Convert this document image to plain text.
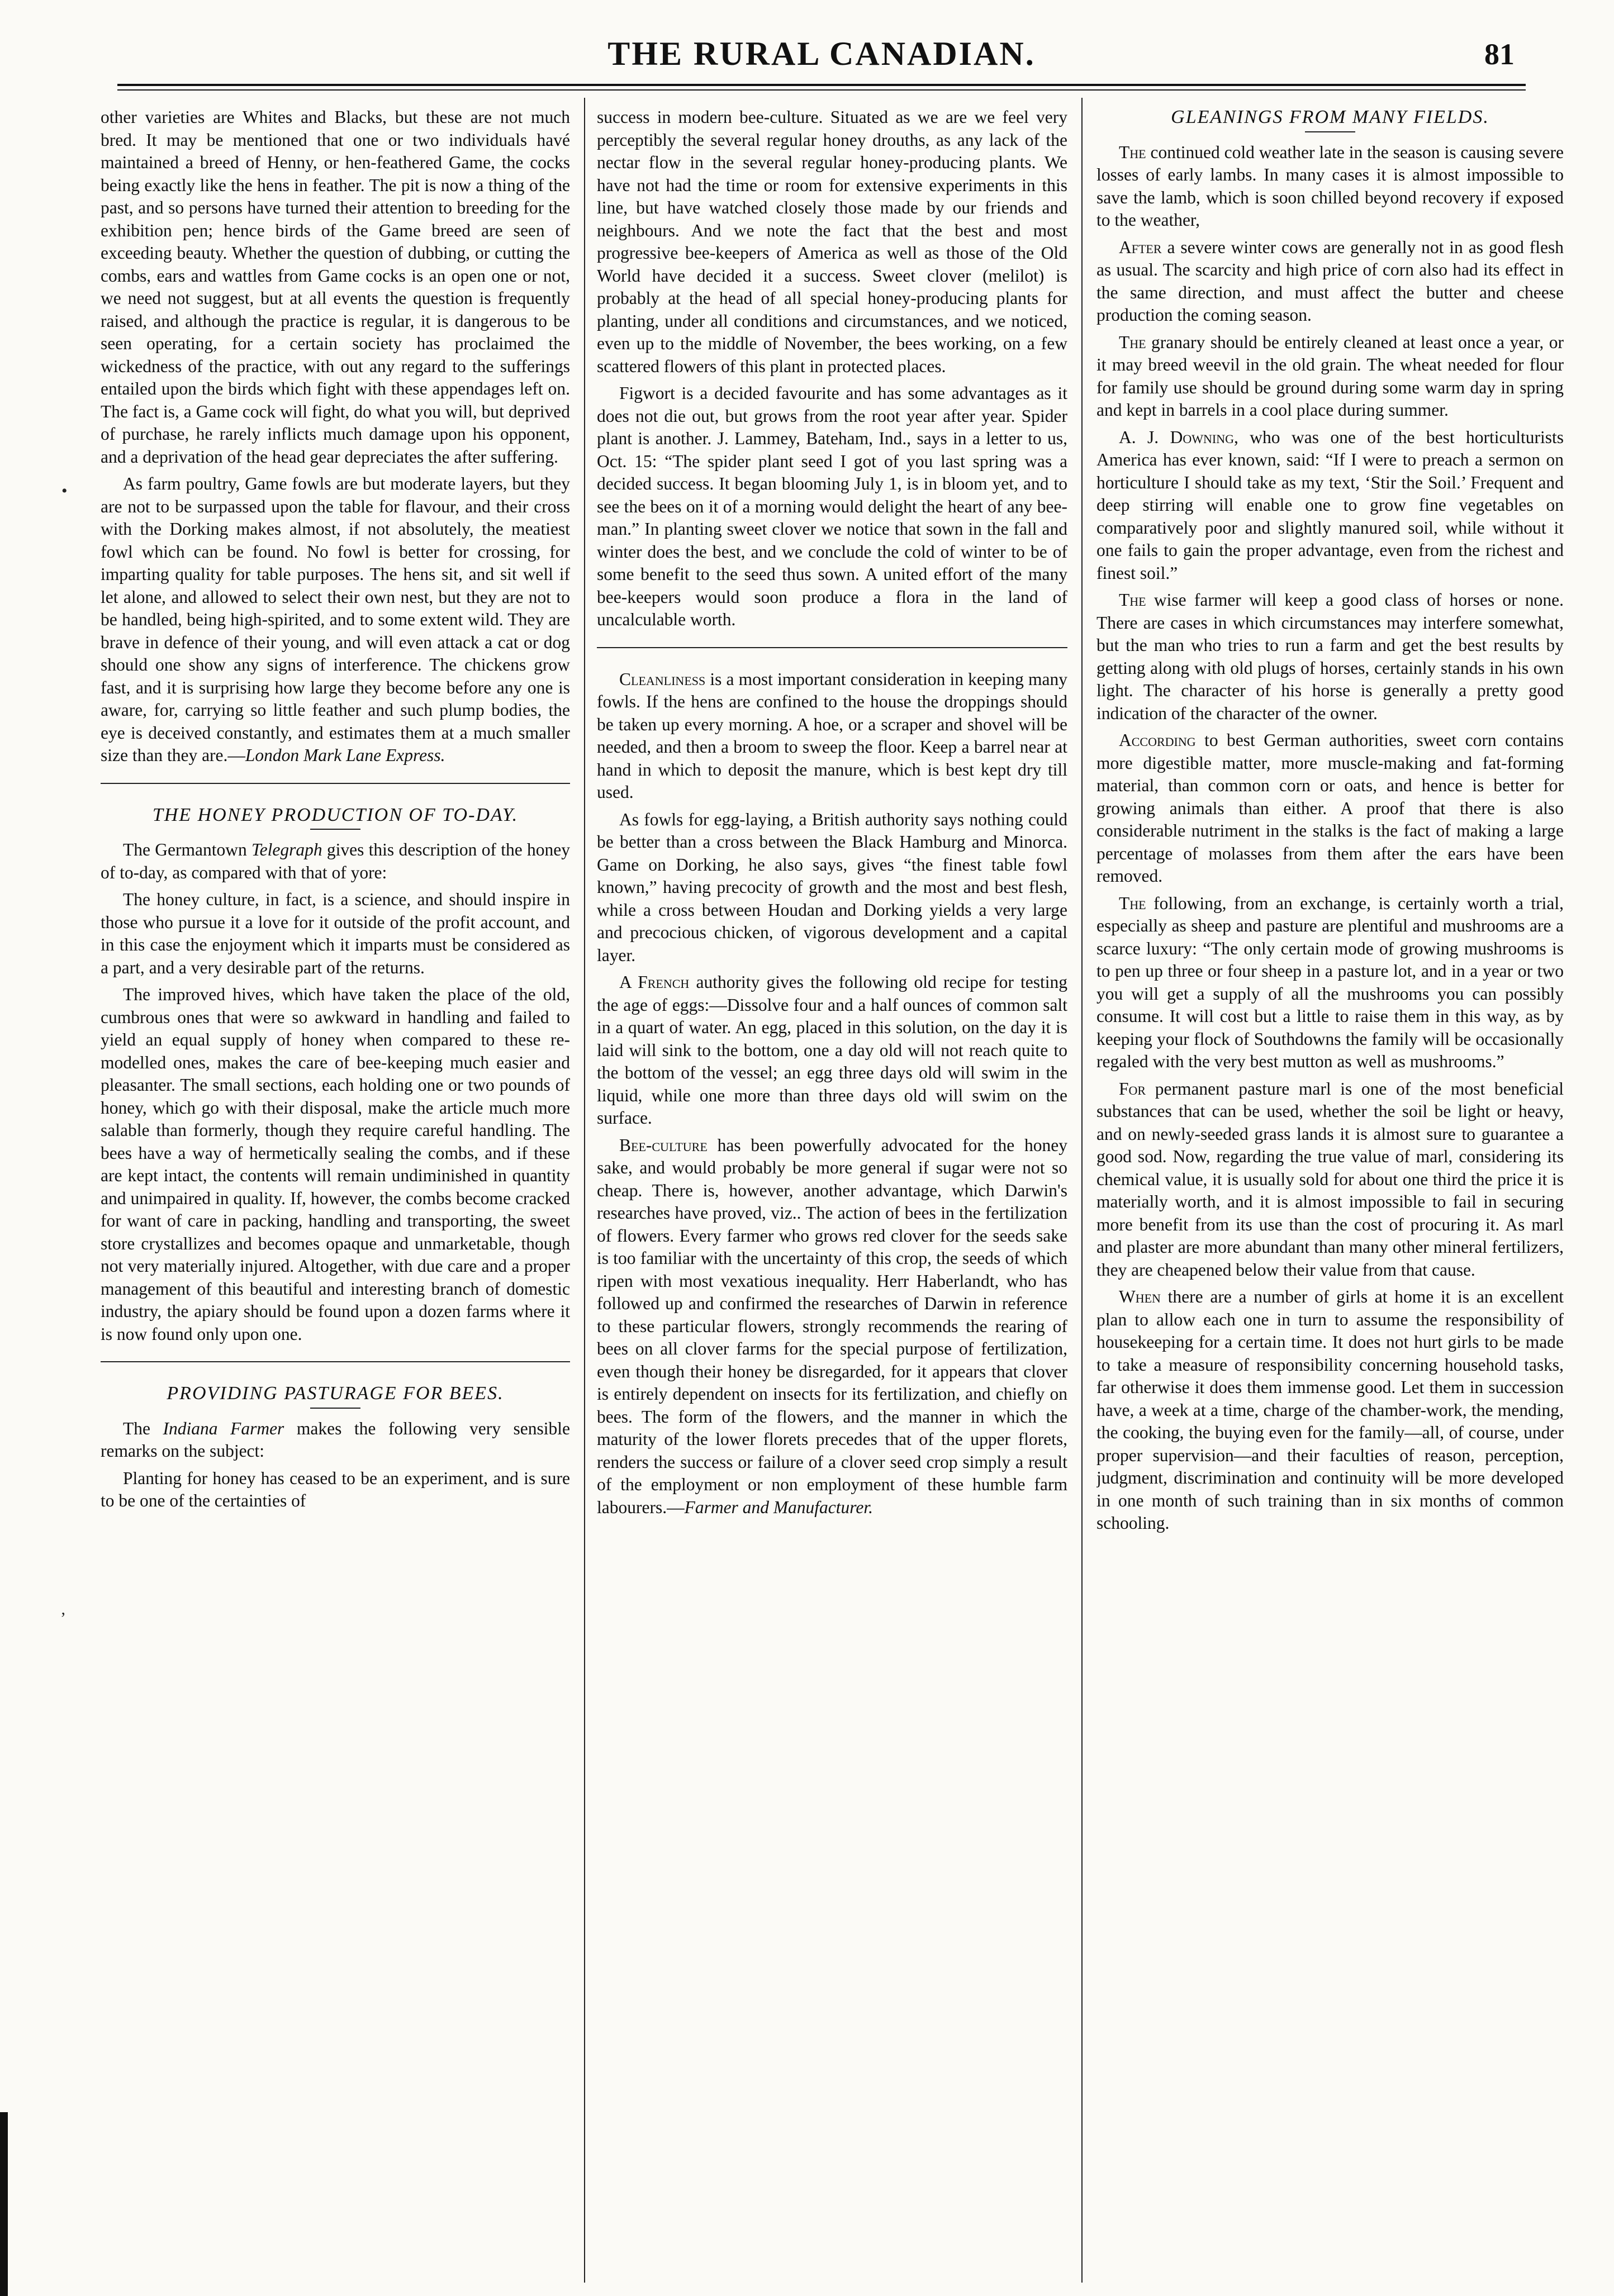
THE RURAL CANADIAN.	81
•
ʼ

other varieties are Whites and Blacks, but these are not much bred. It may be mentioned that one or two individuals havé maintained a breed of Henny, or hen-feathered Game, the cocks being exactly like the hens in feather. The pit is now a thing of the past, and so persons have turned their attention to breeding for the exhibition pen; hence birds of the Game breed are seen of exceeding beauty. Whether the question of dubbing, or cutting the combs, ears and wattles from Game cocks is an open one or not, we need not suggest, but at all events the question is frequently raised, and although the practice is regular, it is dangerous to be seen operating, for a certain society has proclaimed the wickedness of the practice, with out any regard to the sufferings entailed upon the birds which fight with these appendages left on. The fact is, a Game cock will fight, do what you will, but deprived of purchase, he rarely inflicts much damage upon his opponent, and a deprivation of the head gear depreciates the after suffering.

As farm poultry, Game fowls are but moderate layers, but they are not to be surpassed upon the table for flavour, and their cross with the Dorking makes almost, if not absolutely, the meatiest fowl which can be found. No fowl is better for crossing, for imparting quality for table purposes. The hens sit, and sit well if let alone, and allowed to select their own nest, but they are not to be handled, being high-spirited, and to some extent wild. They are brave in defence of their young, and will even attack a cat or dog should one show any signs of interference. The chickens grow fast, and it is surprising how large they become before any one is aware, for, carrying so little feather and such plump bodies, the eye is deceived constantly, and estimates them at a much smaller size than they are.—London Mark Lane Express.

THE HONEY PRODUCTION OF TO-DAY.

The Germantown Telegraph gives this description of the honey of to-day, as compared with that of yore:

The honey culture, in fact, is a science, and should inspire in those who pursue it a love for it outside of the profit account, and in this case the enjoyment which it imparts must be considered as a part, and a very desirable part of the returns.

The improved hives, which have taken the place of the old, cumbrous ones that were so awkward in handling and failed to yield an equal supply of honey when compared to these re-modelled ones, makes the care of bee-keeping much easier and pleasanter. The small sections, each holding one or two pounds of honey, which go with their disposal, make the article much more salable than formerly, though they require careful handling. The bees have a way of hermetically sealing the combs, and if these are kept intact, the contents will remain undiminished in quantity and unimpaired in quality. If, however, the combs become cracked for want of care in packing, handling and transporting, the sweet store crystallizes and becomes opaque and unmarketable, though not very materially injured. Altogether, with due care and a proper management of this beautiful and interesting branch of domestic industry, the apiary should be found upon a dozen farms where it is now found only upon one.

PROVIDING PASTURAGE FOR BEES.

The Indiana Farmer makes the following very sensible remarks on the subject:

Planting for honey has ceased to be an experiment, and is sure to be one of the certainties of

success in modern bee-culture. Situated as we are we feel very perceptibly the several regular honey drouths, as any lack of the nectar flow in the several regular honey-producing plants. We have not had the time or room for extensive experiments in this line, but have watched closely those made by our friends and neighbours. And we note the fact that the best and most progressive bee-keepers of America as well as those of the Old World have decided it a success. Sweet clover (melilot) is probably at the head of all special honey-producing plants for planting, under all conditions and circumstances, and we noticed, even up to the middle of November, the bees working, on a few scattered flowers of this plant in protected places.

Figwort is a decided favourite and has some advantages as it does not die out, but grows from the root year after year. Spider plant is another. J. Lammey, Bateham, Ind., says in a letter to us, Oct. 15: “The spider plant seed I got of you last spring was a decided success. It began blooming July 1, is in bloom yet, and to see the bees on it of a morning would delight the heart of any bee-man.” In planting sweet clover we notice that sown in the fall and winter does the best, and we conclude the cold of winter to be of some benefit to the seed thus sown. A united effort of the many bee-keepers would soon produce a flora in the land of uncalculable worth.

Cleanliness is a most important consideration in keeping many fowls. If the hens are confined to the house the droppings should be taken up every morning. A hoe, or a scraper and shovel will be needed, and then a broom to sweep the floor. Keep a barrel near at hand in which to deposit the manure, which is best kept dry till used.

As fowls for egg-laying, a British authority says nothing could be better than a cross between the Black Hamburg and Minorca. Game on Dorking, he also says, gives “the finest table fowl known,” having precocity of growth and the most and best flesh, while a cross between Houdan and Dorking yields a very large and precocious chicken, of vigorous development and a capital layer.

A French authority gives the following old recipe for testing the age of eggs:—Dissolve four and a half ounces of common salt in a quart of water. An egg, placed in this solution, on the day it is laid will sink to the bottom, one a day old will not reach quite to the bottom of the vessel; an egg three days old will swim in the liquid, while one more than three days old will swim on the surface.

Bee-culture has been powerfully advocated for the honey sake, and would probably be more general if sugar were not so cheap. There is, however, another advantage, which Darwin's researches have proved, viz.. The action of bees in the fertilization of flowers. Every farmer who grows red clover for the seeds sake is too familiar with the uncertainty of this crop, the seeds of which ripen with most vexatious inequality. Herr Haberlandt, who has followed up and confirmed the researches of Darwin in reference to these particular flowers, strongly recommends the rearing of bees on all clover farms for the special purpose of fertilization, even though their honey be disregarded, for it appears that clover is entirely dependent on insects for its fertilization, and chiefly on bees. The form of the flowers, and the manner in which the maturity of the lower florets precedes that of the upper florets, renders the success or failure of a clover seed crop simply a result of the employment or non employment of these humble farm labourers.—Farmer and Manufacturer.

GLEANINGS FROM MANY FIELDS.

The continued cold weather late in the season is causing severe losses of early lambs. In many cases it is almost impossible to save the lamb, which is soon chilled beyond recovery if exposed to the weather,

After a severe winter cows are generally not in as good flesh as usual. The scarcity and high price of corn also had its effect in the same direction, and must affect the butter and cheese production the coming season.

The granary should be entirely cleaned at least once a year, or it may breed weevil in the old grain. The wheat needed for flour for family use should be ground during some warm day in spring and kept in barrels in a cool place during summer.

A. J. Downing, who was one of the best horticulturists America has ever known, said: “If I were to preach a sermon on horticulture I should take as my text, ‘Stir the Soil.’ Frequent and deep stirring will enable one to grow fine vegetables on comparatively poor and slightly manured soil, while without it one fails to gain the proper advantage, even from the richest and finest soil.”

The wise farmer will keep a good class of horses or none. There are cases in which circumstances may interfere somewhat, but the man who tries to run a farm and get the best results by getting along with old plugs of horses, certainly stands in his own light. The character of his horse is generally a pretty good indication of the character of the owner.

According to best German authorities, sweet corn contains more digestible matter, more muscle-making and fat-forming material, than common corn or oats, and hence is better for growing animals than either. A proof that there is also considerable nutriment in the stalks is the fact of making a large percentage of molasses from them after the ears have been removed.

The following, from an exchange, is certainly worth a trial, especially as sheep and pasture are plentiful and mushrooms are a scarce luxury: “The only certain mode of growing mushrooms is to pen up three or four sheep in a pasture lot, and in a year or two you will get a supply of all the mushrooms you can possibly consume. It will cost but a little to raise them in this way, as by keeping your flock of Southdowns the family will be occasionally regaled with the very best mutton as well as mushrooms.”

For permanent pasture marl is one of the most beneficial substances that can be used, whether the soil be light or heavy, and on newly-seeded grass lands it is almost sure to guarantee a good sod. Now, regarding the true value of marl, considering its chemical value, it is usually sold for about one third the price it is materially worth, and it is almost impossible to fail in securing more benefit from its use than the cost of procuring it. As marl and plaster are more abundant than many other mineral fertilizers, they are cheapened below their value from that cause.

When there are a number of girls at home it is an excellent plan to allow each one in turn to assume the responsibility of housekeeping for a certain time. It does not hurt girls to be made to take a measure of responsibility concerning household tasks, far otherwise it does them immense good. Let them in succession have, a week at a time, charge of the chamber-work, the mending, the cooking, the buying even for the family—all, of course, under proper supervision—and their faculties of reason, perception, judgment, discrimination and continuity will be more developed in one month of such training than in six months of common schooling.
